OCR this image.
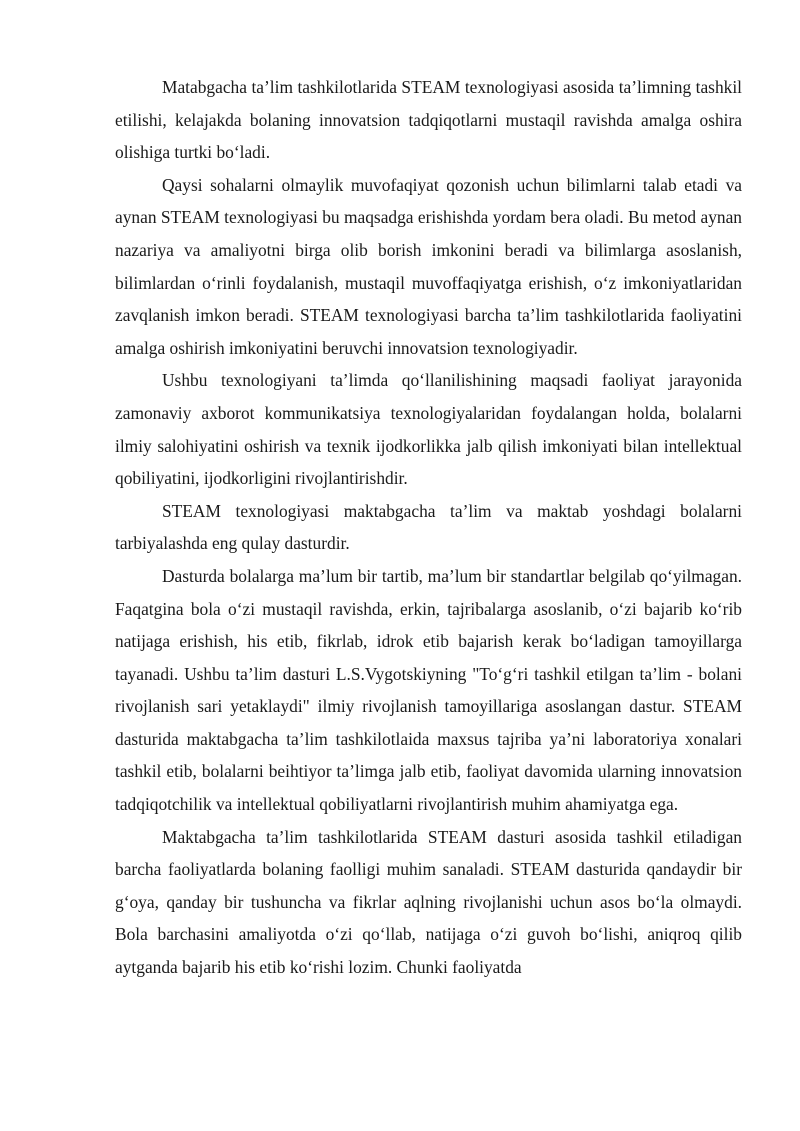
Matabgacha ta’lim tashkilotlarida STEAM texnologiyasi asosida ta’limning tashkil etilishi, kelajakda bolaning innovatsion tadqiqotlarni mustaqil ravishda amalga oshira olishiga turtki bo‘ladi.

Qaysi sohalarni olmaylik muvofaqiyat qozonish uchun bilimlarni talab etadi va aynan STEAM texnologiyasi bu maqsadga erishishda yordam bera oladi. Bu metod aynan nazariya va amaliyotni birga olib borish imkonini beradi va bilimlarga asoslanish, bilimlardan o‘rinli foydalanish, mustaqil muvoffaqiyatga erishish, o‘z imkoniyatlaridan zavqlanish imkon beradi. STEAM texnologiyasi barcha ta’lim tashkilotlarida faoliyatini amalga oshirish imkoniyatini beruvchi innovatsion texnologiyadir.

Ushbu texnologiyani ta’limda qo‘llanilishining maqsadi faoliyat jarayonida zamonaviy axborot kommunikatsiya texnologiyalaridan foydalangan holda, bolalarni ilmiy salohiyatini oshirish va texnik ijodkorlikka jalb qilish imkoniyati bilan intellektual qobiliyatini, ijodkorligini rivojlantirishdir.

STEAM texnologiyasi maktabgacha ta’lim va maktab yoshdagi bolalarni tarbiyalashda eng qulay dasturdir.

Dasturda bolalarga ma’lum bir tartib, ma’lum bir standartlar belgilab qo‘yilmagan. Faqatgina bola o‘zi mustaqil ravishda, erkin, tajribalarga asoslanib, o‘zi bajarib ko‘rib natijaga erishish, his etib, fikrlab, idrok etib bajarish kerak bo‘ladigan tamoyillarga tayanadi. Ushbu ta’lim dasturi L.S.Vygotskiyning "To‘g‘ri tashkil etilgan ta’lim - bolani rivojlanish sari yetaklaydi" ilmiy rivojlanish tamoyillariga asoslangan dastur. STEAM dasturida maktabgacha ta’lim tashkilotlaida maxsus tajriba ya’ni laboratoriya xonalari tashkil etib, bolalarni beihtiyor ta’limga jalb etib, faoliyat davomida ularning innovatsion tadqiqotchilik va intellektual qobiliyatlarni rivojlantirish muhim ahamiyatga ega.

Maktabgacha ta’lim tashkilotlarida STEAM dasturi asosida tashkil etiladigan barcha faoliyatlarda bolaning faolligi muhim sanaladi. STEAM dasturida qandaydir bir g‘oya, qanday bir tushuncha va fikrlar aqlning rivojlanishi uchun asos bo‘la olmaydi. Bola barchasini amaliyotda o‘zi qo‘llab, natijaga o‘zi guvoh bo‘lishi, aniqroq qilib aytganda bajarib his etib ko‘rishi lozim. Chunki faoliyatda
